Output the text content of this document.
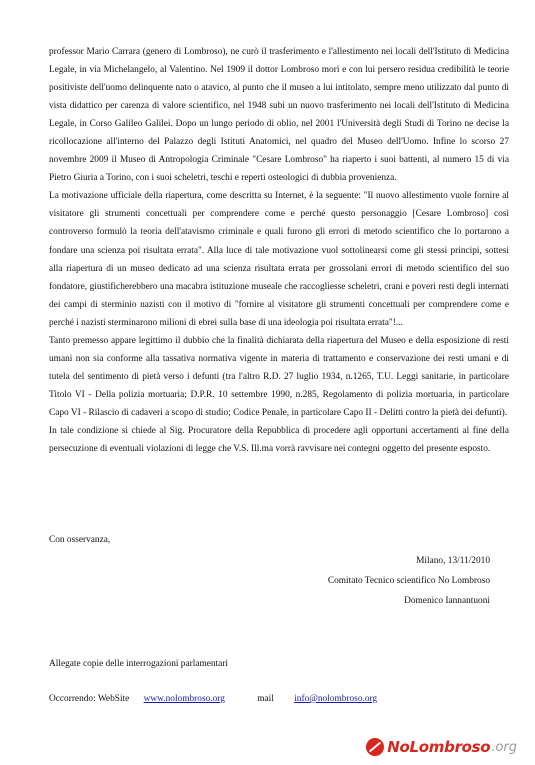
professor Mario Carrara (genero di Lombroso), ne curò il trasferimento e l'allestimento nei locali dell'Istituto di Medicina Legale, in via Michelangelo, al Valentino. Nel 1909 il dottor Lombroso morì e con lui persero residua credibilità le teorie positiviste dell'uomo delinquente nato o atavico, al punto che il museo a lui intitolato, sempre meno utilizzato dal punto di vista didattico per carenza di valore scientifico, nel 1948 subì un nuovo trasferimento nei locali dell'Istituto di Medicina Legale, in Corso Galileo Galilei. Dopo un lungo periodo di oblio, nel 2001 l'Università degli Studi di Torino ne decise la ricollocazione all'interno del Palazzo degli Istituti Anatomici, nel quadro del Museo dell'Uomo. Infine lo scorso 27 novembre 2009 il Museo di Antropologia Criminale "Cesare Lombroso" ha riaperto i suoi battenti, al numero 15 di via Pietro Giuria a Torino, con i suoi scheletri, teschi e reperti osteologici di dubbia provenienza.

La motivazione ufficiale della riapertura, come descritta su Internet, è la seguente: "Il nuovo allestimento vuole fornire al visitatore gli strumenti concettuali per comprendere come e perché questo personaggio [Cesare Lombroso] così controverso formulò la teoria dell'atavismo criminale e quali furono gli errori di metodo scientifico che lo portarono a fondare una scienza poi risultata errata". Alla luce di tale motivazione vuol sottolinearsi come gli stessi principi, sottesi alla riapertura di un museo dedicato ad una scienza risultata errata per grossolani errori di metodo scientifico del suo fondatore, giustificherebbero una macabra istituzione museale che raccogliesse scheletri, crani e poveri resti degli internati dei campi di sterminio nazisti con il motivo di "fornire al visitatore gli strumenti concettuali per comprendere come e perché i nazisti sterminarono milioni di ebrei sulla base di una ideologia poi risultata errata"!...

Tanto premesso appare legittimo il dubbio che la finalità dichiarata della riapertura del Museo e della esposizione di resti umani non sia conforme alla tassativa normativa vigente in materia di trattamento e conservazione dei resti umani e di tutela del sentimento di pietà verso i defunti (tra l'altro R.D. 27 luglio 1934, n.1265, T.U. Leggi sanitarie, in particolare Titolo VI - Della polizia mortuaria; D.P.R. 10 settembre 1990, n.285, Regolamento di polizia mortuaria, in particolare Capo VI - Rilascio di cadaveri a scopo di studio; Codice Penale, in particolare Capo II - Delitti contro la pietà dei defunti).

In tale condizione si chiede al Sig. Procuratore della Repubblica di procedere agli opportuni accertamenti al fine della persecuzione di eventuali violazioni di legge che V.S. Ill.ma vorrà ravvisare nei contegni oggetto del presente esposto.

Con osservanza,
Milano, 13/11/2010
Comitato Tecnico scientifico No Lombroso
Domenico Iannantuoni
Allegate copie delle interrogazioni parlamentari
Occorrendo: WebSite www.nolombroso.org	mail info@nolombroso.org
NoLombroso .org
